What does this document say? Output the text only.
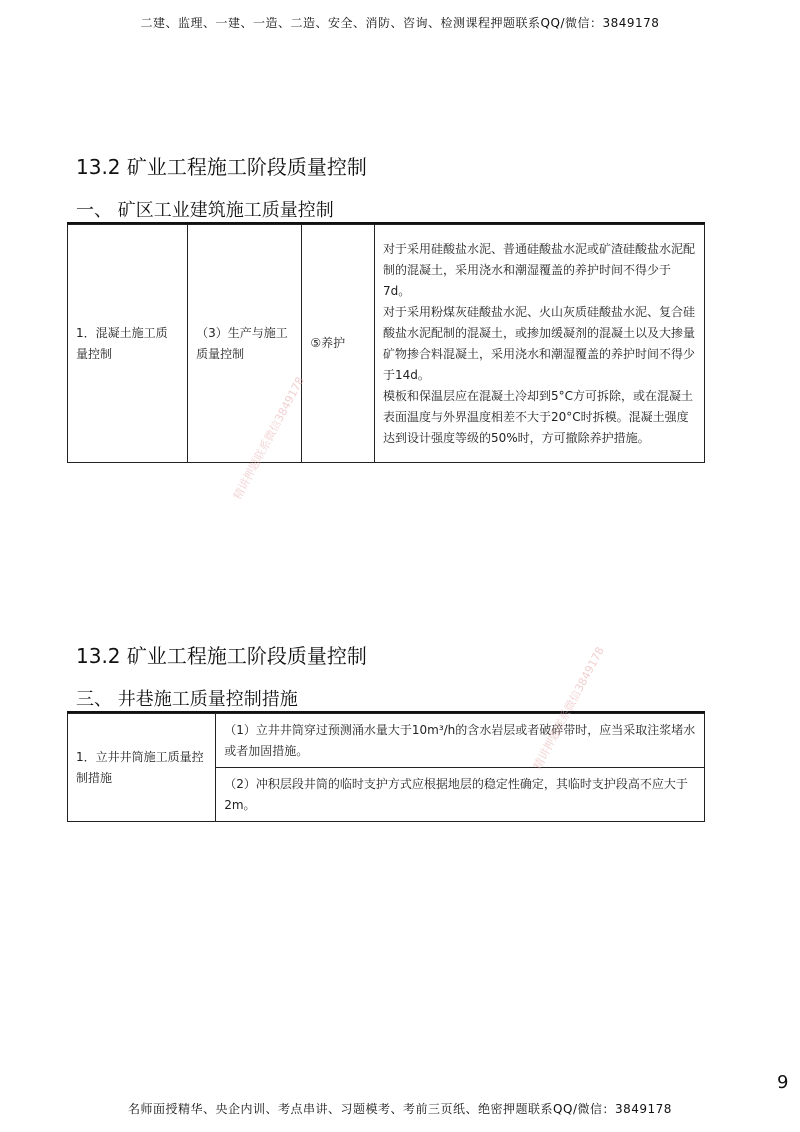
二建、监理、一建、一造、二造、安全、消防、咨询、检测课程押题联系QQ/微信：3849178
13.2 矿业工程施工阶段质量控制
一、 矿区工业建筑施工质量控制
1．混凝土施工质量控制	（3）生产与施工质量控制	⑤养护	
对于采用硅酸盐水泥、普通硅酸盐水泥或矿渣硅酸盐水泥配制的混凝土，采用浇水和潮湿覆盖的养护时间不得少于7d。
对于采用粉煤灰硅酸盐水泥、火山灰质硅酸盐水泥、复合硅酸盐水泥配制的混凝土，或掺加缓凝剂的混凝土以及大掺量矿物掺合料混凝土，采用浇水和潮湿覆盖的养护时间不得少于14d。
模板和保温层应在混凝土冷却到5°C方可拆除，或在混凝土表面温度与外界温度相差不大于20°C时拆模。混凝土强度达到设计强度等级的50%时，方可撤除养护措施。
13.2 矿业工程施工阶段质量控制
三、 井巷施工质量控制措施
1．立井井筒施工质量控制措施	（1）立井井筒穿过预测涌水量大于10m³/h的含水岩层或者破碎带时，应当采取注浆堵水或者加固措施。
（2）冲积层段井筒的临时支护方式应根据地层的稳定性确定，其临时支护段高不应大于2m。
精讲押题联系微信3849178
精讲押题联系微信3849178
9
名师面授精华、央企内训、考点串讲、习题模考、考前三页纸、绝密押题联系QQ/微信：3849178
